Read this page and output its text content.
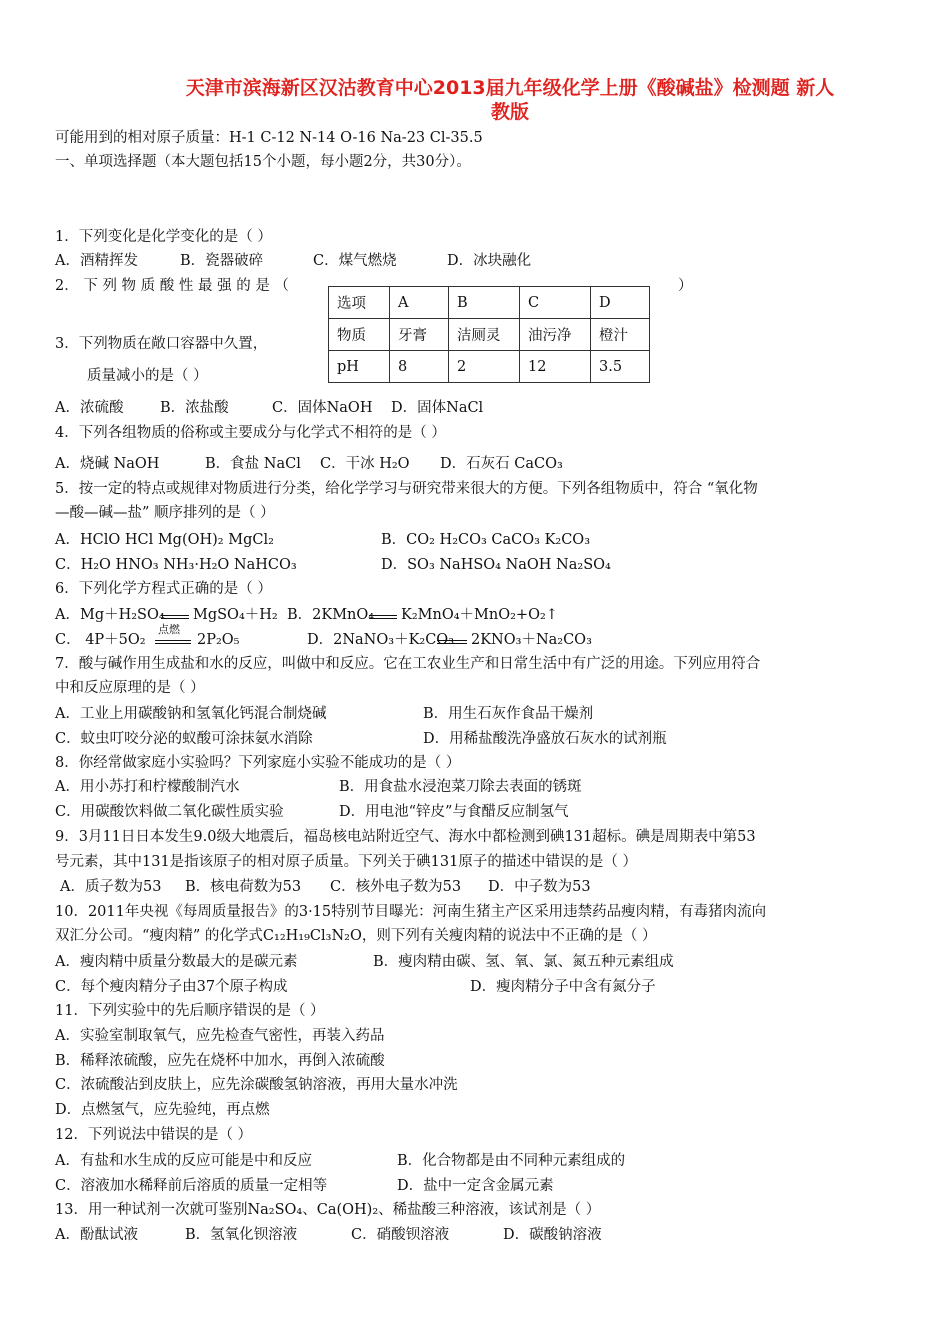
天津市滨海新区汉沽教育中心2013届九年级化学上册《酸碱盐》检测题 新人
教版
可能用到的相对原子质量：H-1 C-12 N-14 O-16 Na-23 Cl-35.5
一、单项选择题（本大题包括15个小题，每小题2分，共30分）。
1．下列变化是化学变化的是（ ）
A．酒精挥发	B．瓷器破碎	C．煤气燃烧	D．冰块融化
2． 下 列 物 质 酸 性 最 强 的 是 （	）
选项	A	B	C	D
物质	牙膏	洁厕灵	油污净	橙汁
pH	8	2	12	3.5
3．下列物质在敞口容器中久置，
质量减小的是（ ）
A．浓硫酸	B．浓盐酸	C．固体NaOH D．固体NaCl
4．下列各组物质的俗称或主要成分与化学式不相符的是（ ）
A．烧碱 NaOH	B．食盐 NaCl C．干冰 H₂O D．石灰石 CaCO₃
5．按一定的特点或规律对物质进行分类，给化学学习与研究带来很大的方便。下列各组物质中，符合 “氧化物
—酸—碱—盐” 顺序排列的是（ ）
A．HClO HCl Mg(OH)₂ MgCl₂	B．CO₂ H₂CO₃ CaCO₃ K₂CO₃
C．H₂O HNO₃ NH₃·H₂O NaHCO₃	D．SO₃ NaHSO₄ NaOH Na₂SO₄
6．下列化学方程式正确的是（ ）
A．Mg＋H₂SO₄ MgSO₄＋H₂ B．2KMnO₄ K₂MnO₄＋MnO₂+O₂↑
C． 4P＋5O₂
点燃
2P₂O₅	D．2NaNO₃＋K₂CO₃ 2KNO₃＋Na₂CO₃
7．酸与碱作用生成盐和水的反应，叫做中和反应。它在工农业生产和日常生活中有广泛的用途。下列应用符合
中和反应原理的是（ ）
A．工业上用碳酸钠和氢氧化钙混合制烧碱	B．用生石灰作食品干燥剂
C．蚊虫叮咬分泌的蚁酸可涂抹氨水消除	D．用稀盐酸洗净盛放石灰水的试剂瓶
8．你经常做家庭小实验吗？下列家庭小实验不能成功的是（ ）
A．用小苏打和柠檬酸制汽水	B．用食盐水浸泡菜刀除去表面的锈斑
C．用碳酸饮料做二氧化碳性质实验	D．用电池“锌皮”与食醋反应制氢气
9．3月11日日本发生9.0级大地震后，福岛核电站附近空气、海水中都检测到碘131超标。碘是周期表中第53
号元素，其中131是指该原子的相对原子质量。下列关于碘131原子的描述中错误的是（ ）
A．质子数为53 B．核电荷数为53 C．核外电子数为53 D．中子数为53
10．2011年央视《每周质量报告》的3·15特别节目曝光：河南生猪主产区采用违禁药品瘦肉精，有毒猪肉流向
双汇分公司。“瘦肉精” 的化学式C₁₂H₁₉Cl₃N₂O，则下列有关瘦肉精的说法中不正确的是（ ）
A．瘦肉精中质量分数最大的是碳元素	B．瘦肉精由碳、氢、氧、氯、氮五种元素组成
C．每个瘦肉精分子由37个原子构成	D．瘦肉精分子中含有氮分子
11．下列实验中的先后顺序错误的是（ ）
A．实验室制取氧气，应先检查气密性，再装入药品
B．稀释浓硫酸，应先在烧杯中加水，再倒入浓硫酸
C．浓硫酸沾到皮肤上，应先涂碳酸氢钠溶液，再用大量水冲洗
D．点燃氢气，应先验纯，再点燃
12．下列说法中错误的是（ ）
A．有盐和水生成的反应可能是中和反应	B．化合物都是由不同种元素组成的
C．溶液加水稀释前后溶质的质量一定相等	D．盐中一定含金属元素
13．用一种试剂一次就可鉴别Na₂SO₄、Ca(OH)₂、稀盐酸三种溶液，该试剂是（ ）
A．酚酞试液	B．氢氧化钡溶液	C．硝酸钡溶液	D．碳酸钠溶液
